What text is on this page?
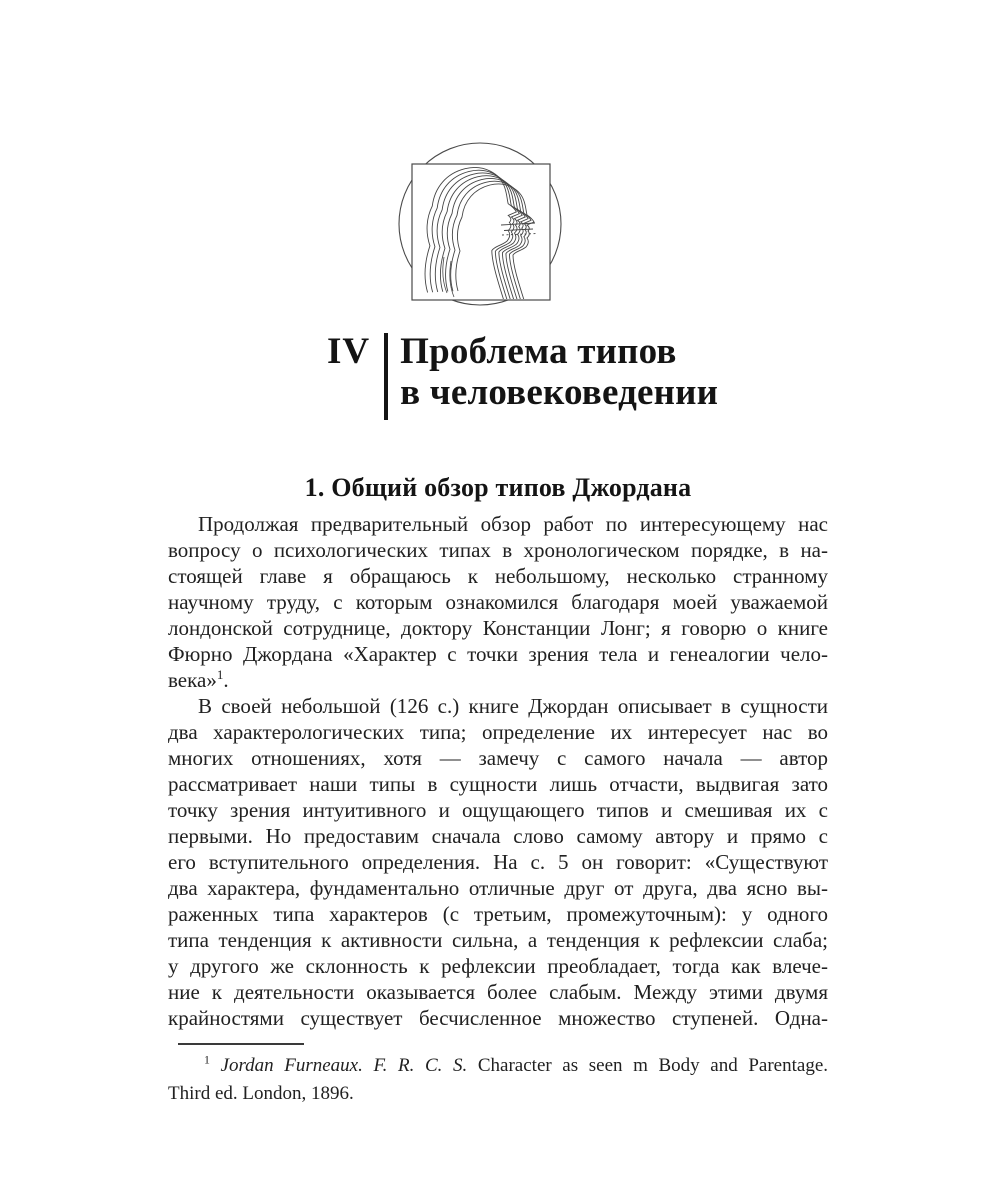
IV Проблема типов
в человековедении
1. Общий обзор типов Джордана
Продолжая предварительный обзор работ по интересующему нас
вопросу о психологических типах в хронологическом порядке, в на-
стоящей главе я обращаюсь к небольшому, несколько странному
научному труду, с которым ознакомился благодаря моей уважаемой
лондонской сотруднице, доктору Констанции Лонг; я говорю о книге
Фюрно Джордана «Характер с точки зрения тела и генеалогии чело-
века»$^1$.
В своей небольшой (126 с.) книге Джордан описывает в сущности
два характерологических типа; определение их интересует нас во
многих отношениях, хотя — замечу с самого начала — автор
рассматривает наши типы в сущности лишь отчасти, выдвигая зато
точку зрения интуитивного и ощущающего типов и смешивая их с
первыми. Но предоставим сначала слово самому автору и прямо с
его вступительного определения. На с. 5 он говорит: «Существуют
два характера, фундаментально отличные друг от друга, два ясно вы-
раженных типа характеров (с третьим, промежуточным): у одного
типа тенденция к активности сильна, а тенденция к рефлексии слаба;
у другого же склонность к рефлексии преобладает, тогда как влече-
ние к деятельности оказывается более слабым. Между этими двумя
крайностями существует бесчисленное множество ступеней. Одна-
$^1$ Jordan Furneaux. F. R. C. S. Character as seen m Body and Parentage.
Third ed. London, 1896.
